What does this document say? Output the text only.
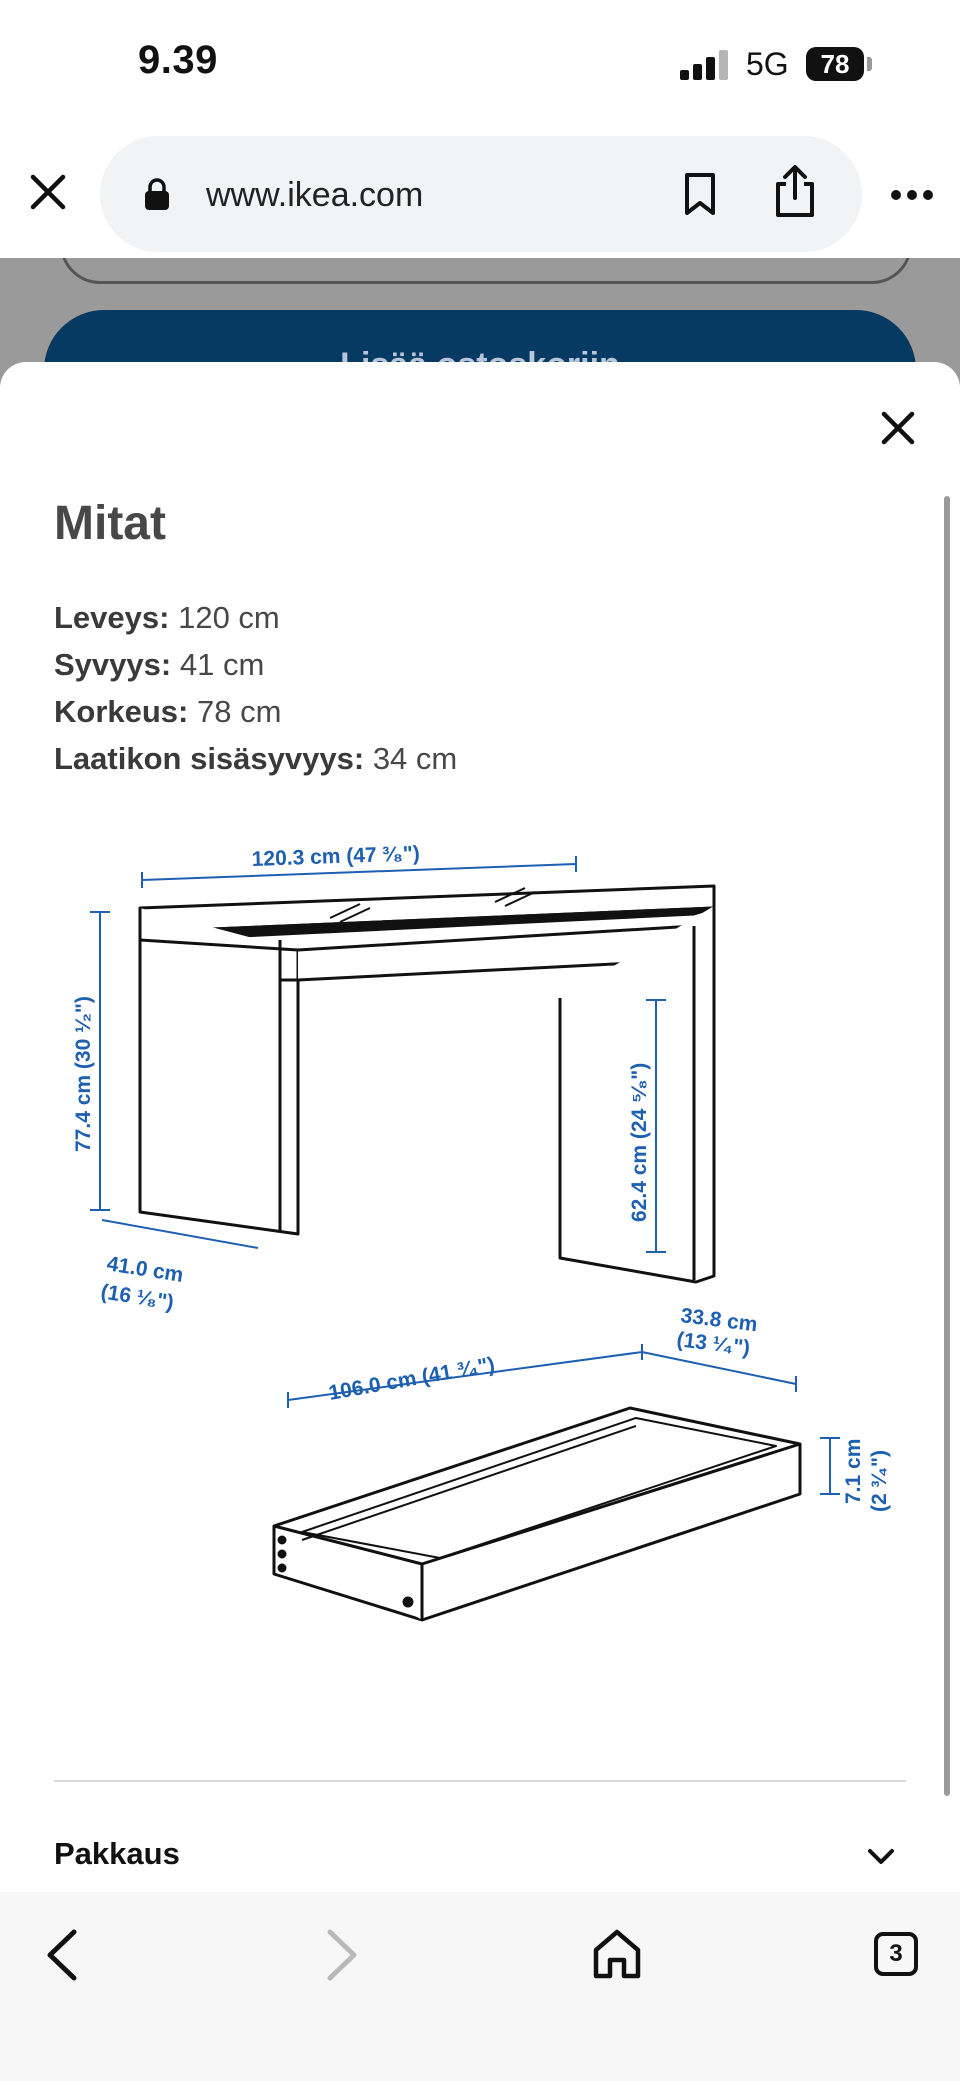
9.39	5G	78
www.ikea.com
Mitat
Leveys: 120 cm
Syvyys: 41 cm
Korkeus: 78 cm
Laatikon sisäsyvyys: 34 cm
120.3 cm (47 ³⁄₈")
77.4 cm (30 ¹⁄₂")	62.4 cm (24 ⁵⁄₈")
41.0 cm
(16 ¹⁄₈")
106.0 cm (41 ³⁄₄")
33.8 cm
(13 ¹⁄₄")
7.1 cm (2 ³⁄₄")
Pakkaus
3
